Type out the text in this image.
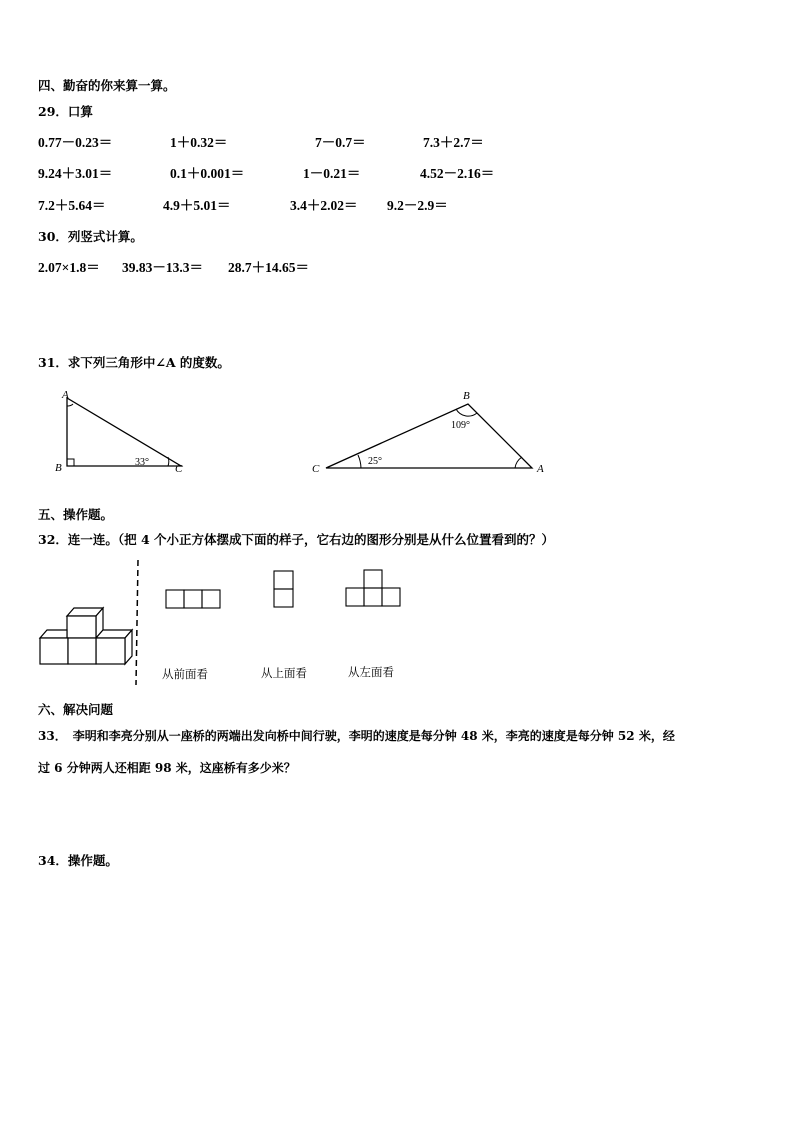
四、勤奋的你来算一算。
29．口算
0.77－0.23＝	1＋0.32＝	7－0.7＝	7.3＋2.7＝
9.24＋3.01＝	0.1＋0.001＝	1－0.21＝	4.52－2.16＝
7.2＋5.64＝	4.9＋5.01＝	3.4＋2.02＝ 9.2－2.9＝
30．列竖式计算。
2.07×1.8＝ 39.83－13.3＝ 28.7＋14.65＝
31．求下列三角形中∠A 的度数。
A
B	C
33°
B
C	A
109°
25°
五、操作题。
32．连一连。（把 4 个小正方体摆成下面的样子，它右边的图形分别是从什么位置看到的？）
从前面看	从上面看	从左面看
六、解决问题
33．　李明和李亮分别从一座桥的两端出发向桥中间行驶，李明的速度是每分钟 48 米，李亮的速度是每分钟 52 米，经
过 6 分钟两人还相距 98 米，这座桥有多少米？
34．操作题。
